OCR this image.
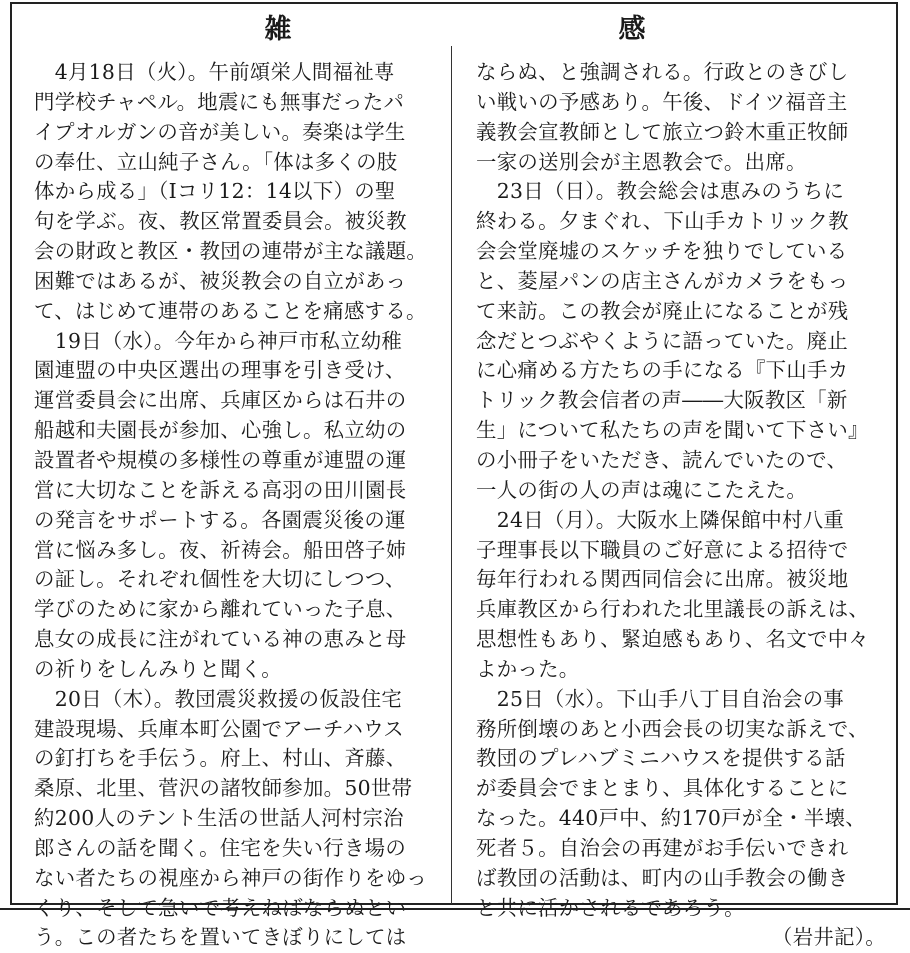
雑　感
　4月18日（火）。午前頌栄人間福祉専
門学校チャペル。地震にも無事だったパ
イプオルガンの音が美しい。奏楽は学生
の奉仕、立山純子さん。「体は多くの肢
体から成る」（Ⅰコリ12：14以下）の聖
句を学ぶ。夜、教区常置委員会。被災教
会の財政と教区・教団の連帯が主な議題。
困難ではあるが、被災教会の自立があっ
て、はじめて連帯のあることを痛感する。
　19日（水）。今年から神戸市私立幼稚
園連盟の中央区選出の理事を引き受け、
運営委員会に出席、兵庫区からは石井の
船越和夫園長が参加、心強し。私立幼の
設置者や規模の多様性の尊重が連盟の運
営に大切なことを訴える高羽の田川園長
の発言をサポートする。各園震災後の運
営に悩み多し。夜、祈祷会。船田啓子姉
の証し。それぞれ個性を大切にしつつ、
学びのために家から離れていった子息、
息女の成長に注がれている神の恵みと母
の祈りをしんみりと聞く。
　20日（木）。教団震災救援の仮設住宅
建設現場、兵庫本町公園でアーチハウス
の釘打ちを手伝う。府上、村山、斉藤、
桑原、北里、菅沢の諸牧師参加。50世帯
約200人のテント生活の世話人河村宗治
郎さんの話を聞く。住宅を失い行き場の
ない者たちの視座から神戸の街作りをゆっ
くり、そして急いで考えねばならぬとい
う。この者たちを置いてきぼりにしては
ならぬ、と強調される。行政とのきびし
い戦いの予感あり。午後、ドイツ福音主
義教会宣教師として旅立つ鈴木重正牧師
一家の送別会が主恩教会で。出席。
　23日（日）。教会総会は恵みのうちに
終わる。夕まぐれ、下山手カトリック教
会会堂廃墟のスケッチを独りでしている
と、菱屋パンの店主さんがカメラをもっ
て来訪。この教会が廃止になることが残
念だとつぶやくように語っていた。廃止
に心痛める方たちの手になる『下山手カ
トリック教会信者の声――大阪教区「新
生」について私たちの声を聞いて下さい』
の小冊子をいただき、読んでいたので、
一人の街の人の声は魂にこたえた。
　24日（月）。大阪水上隣保館中村八重
子理事長以下職員のご好意による招待で
毎年行われる関西同信会に出席。被災地
兵庫教区から行われた北里議長の訴えは、
思想性もあり、緊迫感もあり、名文で中々
よかった。
　25日（水）。下山手八丁目自治会の事
務所倒壊のあと小西会長の切実な訴えで、
教団のプレハブミニハウスを提供する話
が委員会でまとまり、具体化することに
なった。440戸中、約170戸が全・半壊、
死者５。自治会の再建がお手伝いできれ
ば教団の活動は、町内の山手教会の働き
と共に活かされるであろう。
（岩井記）。
